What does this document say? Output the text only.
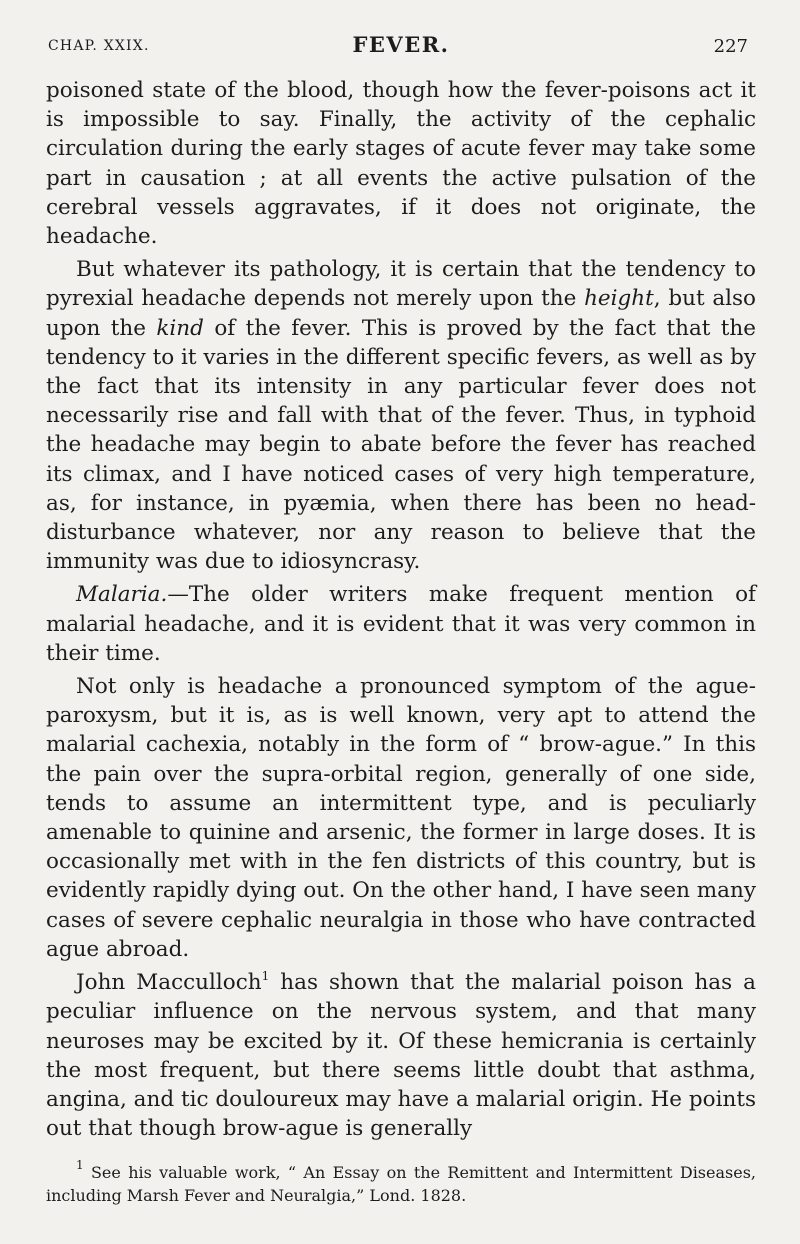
CHAP. XXIX.	FEVER.	227

poisoned state of the blood, though how the fever-poisons act it is impossible to say. Finally, the activity of the cephalic circulation during the early stages of acute fever may take some part in causation ; at all events the active pulsation of the cerebral vessels aggravates, if it does not originate, the headache.

But whatever its pathology, it is certain that the tendency to pyrexial headache depends not merely upon the height, but also upon the kind of the fever. This is proved by the fact that the tendency to it varies in the different specific fevers, as well as by the fact that its intensity in any particular fever does not necessarily rise and fall with that of the fever. Thus, in typhoid the headache may begin to abate before the fever has reached its climax, and I have noticed cases of very high temperature, as, for instance, in pyæmia, when there has been no head-disturbance whatever, nor any reason to believe that the immunity was due to idiosyncrasy.

Malaria.—The older writers make frequent mention of malarial headache, and it is evident that it was very common in their time.

Not only is headache a pronounced symptom of the ague-paroxysm, but it is, as is well known, very apt to attend the malarial cachexia, notably in the form of “ brow-ague.” In this the pain over the supra-orbital region, generally of one side, tends to assume an intermittent type, and is peculiarly amenable to quinine and arsenic, the former in large doses. It is occasionally met with in the fen districts of this country, but is evidently rapidly dying out. On the other hand, I have seen many cases of severe cephalic neuralgia in those who have contracted ague abroad.

John Macculloch$^1$ has shown that the malarial poison has a peculiar influence on the nervous system, and that many neuroses may be excited by it. Of these hemicrania is certainly the most frequent, but there seems little doubt that asthma, angina, and tic douloureux may have a malarial origin. He points out that though brow-ague is generally

$^1$ See his valuable work, “ An Essay on the Remittent and Intermittent Diseases, including Marsh Fever and Neuralgia,” Lond. 1828.
